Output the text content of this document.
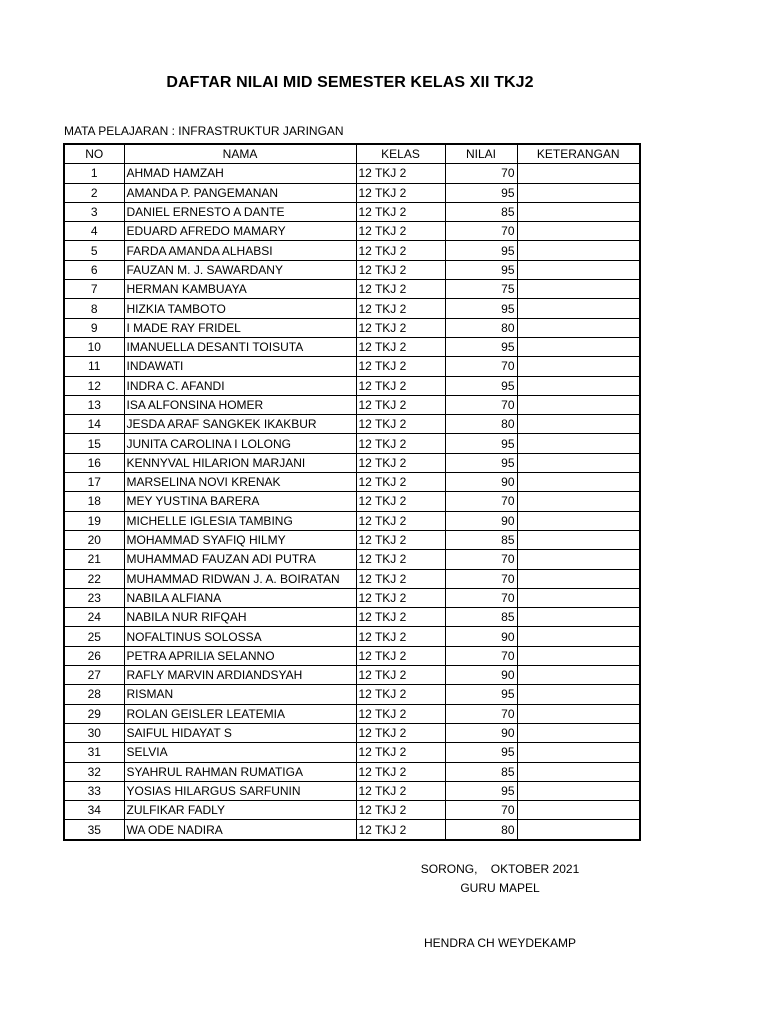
DAFTAR NILAI MID SEMESTER KELAS XII TKJ2
MATA PELAJARAN : INFRASTRUKTUR JARINGAN
NO	NAMA	KELAS	NILAI	KETERANGAN
1	AHMAD HAMZAH	12 TKJ 2	70	
2	AMANDA P. PANGEMANAN	12 TKJ 2	95	
3	DANIEL ERNESTO A DANTE	12 TKJ 2	85	
4	EDUARD AFREDO MAMARY	12 TKJ 2	70	
5	FARDA AMANDA ALHABSI	12 TKJ 2	95	
6	FAUZAN M. J. SAWARDANY	12 TKJ 2	95	
7	HERMAN KAMBUAYA	12 TKJ 2	75	
8	HIZKIA TAMBOTO	12 TKJ 2	95	
9	I MADE RAY FRIDEL	12 TKJ 2	80	
10	IMANUELLA DESANTI TOISUTA	12 TKJ 2	95	
11	INDAWATI	12 TKJ 2	70	
12	INDRA C. AFANDI	12 TKJ 2	95	
13	ISA ALFONSINA HOMER	12 TKJ 2	70	
14	JESDA ARAF SANGKEK IKAKBUR	12 TKJ 2	80	
15	JUNITA CAROLINA I LOLONG	12 TKJ 2	95	
16	KENNYVAL HILARION MARJANI	12 TKJ 2	95	
17	MARSELINA NOVI KRENAK	12 TKJ 2	90	
18	MEY YUSTINA BARERA	12 TKJ 2	70	
19	MICHELLE IGLESIA TAMBING	12 TKJ 2	90	
20	MOHAMMAD SYAFIQ HILMY	12 TKJ 2	85	
21	MUHAMMAD FAUZAN ADI PUTRA	12 TKJ 2	70	
22	MUHAMMAD RIDWAN J. A. BOIRATAN	12 TKJ 2	70	
23	NABILA ALFIANA	12 TKJ 2	70	
24	NABILA NUR RIFQAH	12 TKJ 2	85	
25	NOFALTINUS SOLOSSA	12 TKJ 2	90	
26	PETRA APRILIA SELANNO	12 TKJ 2	70	
27	RAFLY MARVIN ARDIANDSYAH	12 TKJ 2	90	
28	RISMAN	12 TKJ 2	95	
29	ROLAN GEISLER LEATEMIA	12 TKJ 2	70	
30	SAIFUL HIDAYAT S	12 TKJ 2	90	
31	SELVIA	12 TKJ 2	95	
32	SYAHRUL RAHMAN RUMATIGA	12 TKJ 2	85	
33	YOSIAS HILARGUS SARFUNIN	12 TKJ 2	95	
34	ZULFIKAR FADLY	12 TKJ 2	70	
35	WA ODE NADIRA	12 TKJ 2	80	
SORONG,    OKTOBER 2021
GURU MAPEL
HENDRA CH WEYDEKAMP
